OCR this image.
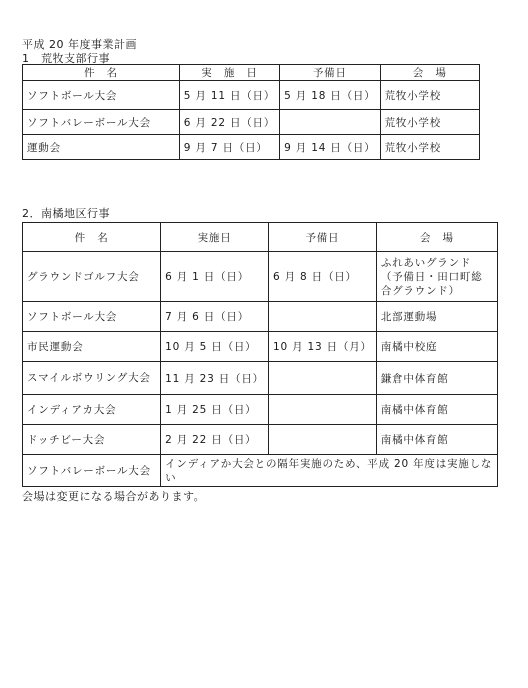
平成 20 年度事業計画
1　荒牧支部行事
件　名	実　施　日	予備日	会　場
ソフトボール大会	5 月 11 日（日）	5 月 18 日（日）	荒牧小学校
ソフトバレーボール大会	6 月 22 日（日）		荒牧小学校
運動会	9 月 7 日（日）	9 月 14 日（日）	荒牧小学校
2．南橘地区行事
件　名	実施日	予備日	会　場
グラウンドゴルフ大会	6 月 1 日（日）	6 月 8 日（日）	ふれあいグランド（予備日・田口町総合グラウンド）
ソフトボール大会	7 月 6 日（日）		北部運動場
市民運動会	10 月 5 日（日）	10 月 13 日（月）	南橘中校庭
スマイルボウリング大会	11 月 23 日（日）		鎌倉中体育館
インディアカ大会	1 月 25 日（日）		南橘中体育館
ドッチビー大会	2 月 22 日（日）		南橘中体育館
ソフトバレーボール大会	インディアか大会との隔年実施のため、平成 20 年度は実施しない		
会場は変更になる場合があります。
